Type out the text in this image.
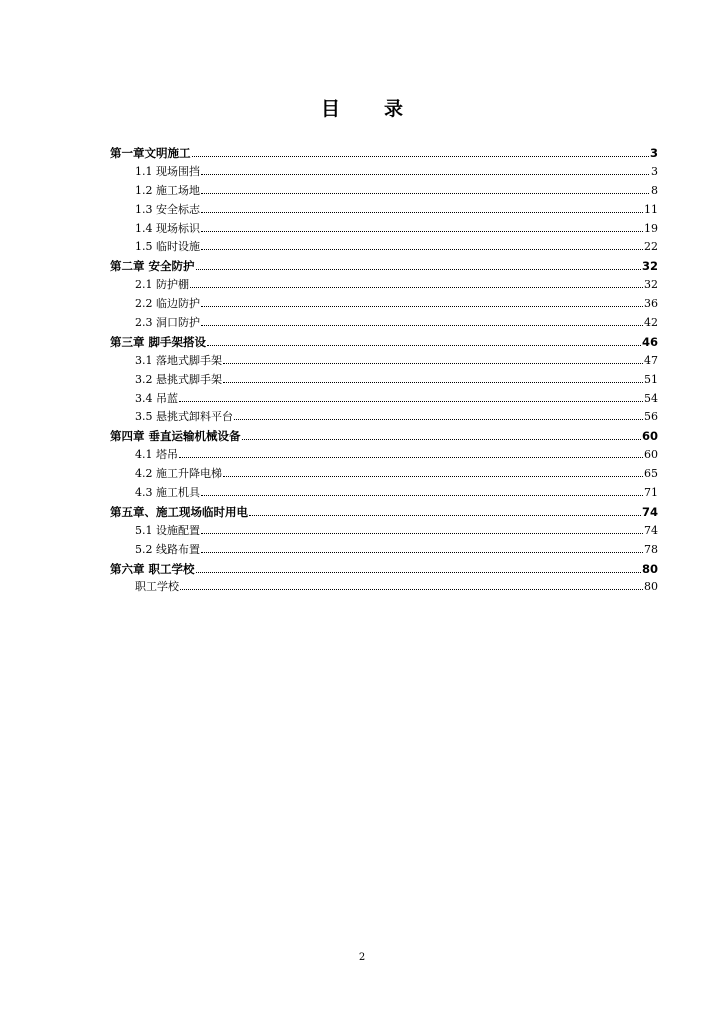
目录
第一章文明施工	3
1.1 现场围挡	3
1.2 施工场地	8
1.3 安全标志	11
1.4 现场标识	19
1.5 临时设施	22
第二章 安全防护	32
2.1 防护棚	32
2.2 临边防护	36
2.3 洞口防护	42
第三章 脚手架搭设	46
3.1 落地式脚手架	47
3.2 悬挑式脚手架	51
3.4 吊蓝	54
3.5 悬挑式卸料平台	56
第四章 垂直运输机械设备	60
4.1 塔吊	60
4.2 施工升降电梯	65
4.3 施工机具	71
第五章、施工现场临时用电	74
5.1 设施配置	74
5.2 线路布置	78
第六章 职工学校	80
职工学校	80
2
